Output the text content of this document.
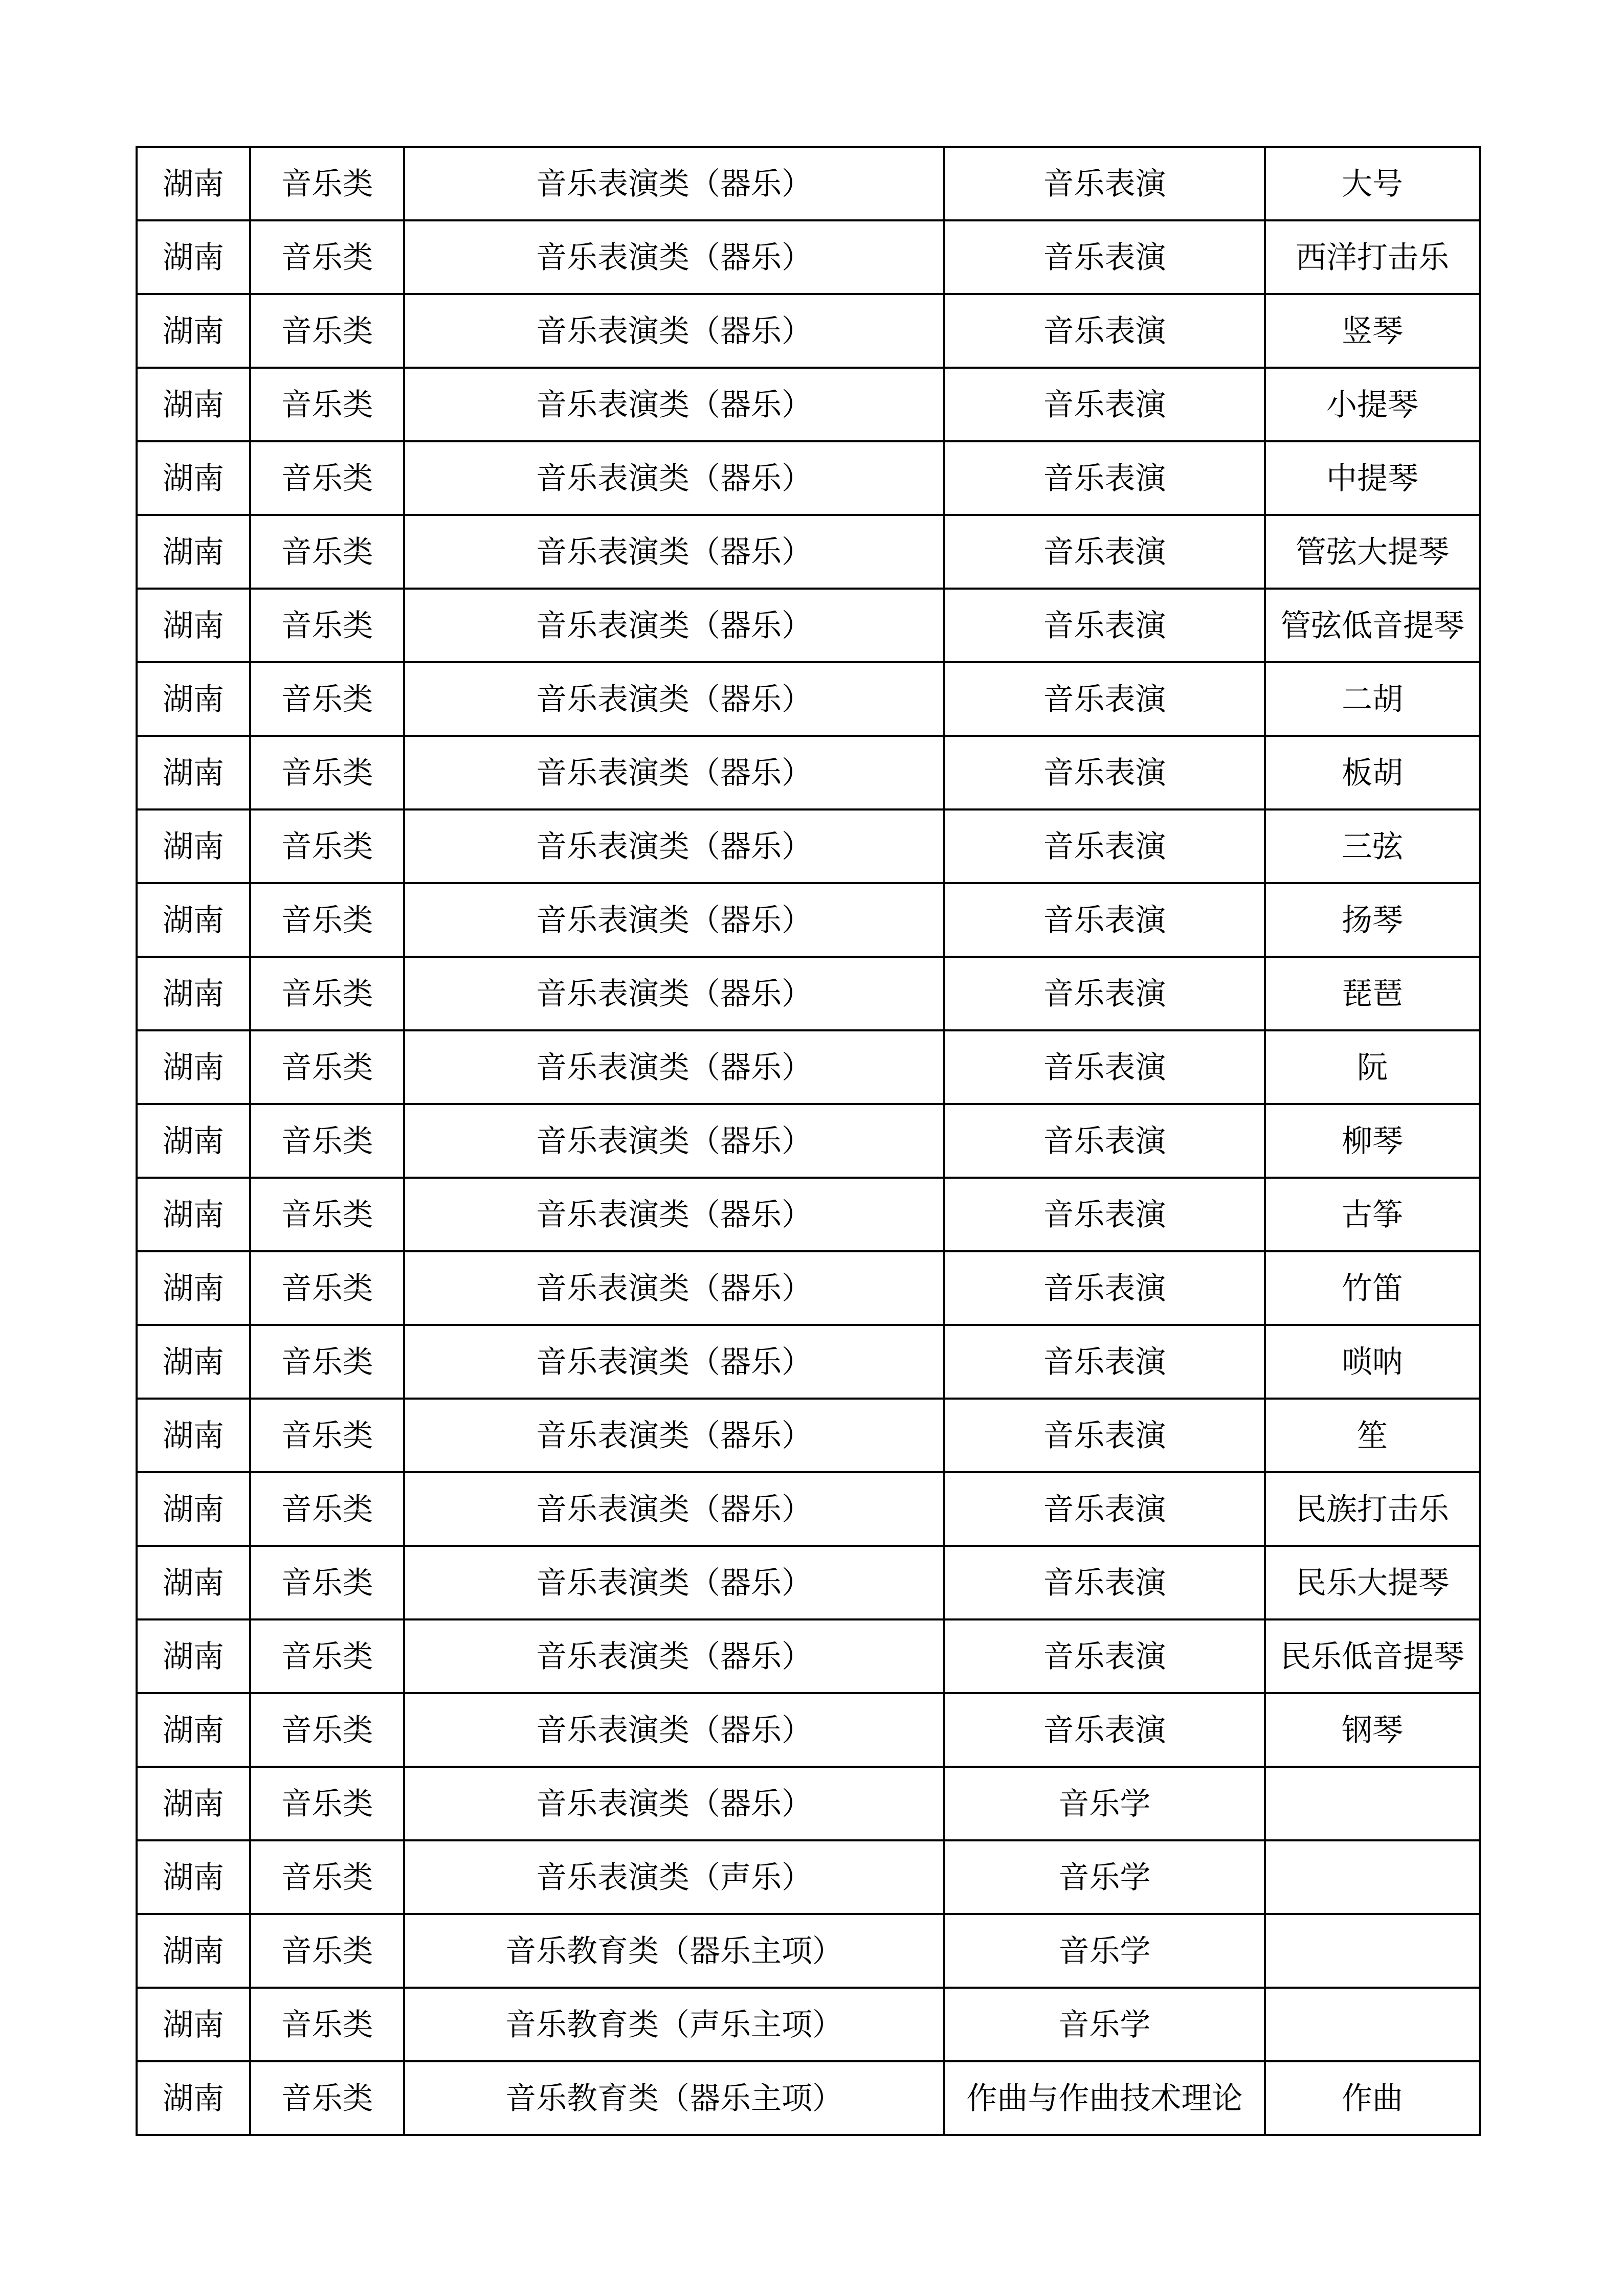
湖南	音乐类	音乐表演类（器乐）	音乐表演	大号
湖南	音乐类	音乐表演类（器乐）	音乐表演	西洋打击乐
湖南	音乐类	音乐表演类（器乐）	音乐表演	竖琴
湖南	音乐类	音乐表演类（器乐）	音乐表演	小提琴
湖南	音乐类	音乐表演类（器乐）	音乐表演	中提琴
湖南	音乐类	音乐表演类（器乐）	音乐表演	管弦大提琴
湖南	音乐类	音乐表演类（器乐）	音乐表演	管弦低音提琴
湖南	音乐类	音乐表演类（器乐）	音乐表演	二胡
湖南	音乐类	音乐表演类（器乐）	音乐表演	板胡
湖南	音乐类	音乐表演类（器乐）	音乐表演	三弦
湖南	音乐类	音乐表演类（器乐）	音乐表演	扬琴
湖南	音乐类	音乐表演类（器乐）	音乐表演	琵琶
湖南	音乐类	音乐表演类（器乐）	音乐表演	阮
湖南	音乐类	音乐表演类（器乐）	音乐表演	柳琴
湖南	音乐类	音乐表演类（器乐）	音乐表演	古筝
湖南	音乐类	音乐表演类（器乐）	音乐表演	竹笛
湖南	音乐类	音乐表演类（器乐）	音乐表演	唢呐
湖南	音乐类	音乐表演类（器乐）	音乐表演	笙
湖南	音乐类	音乐表演类（器乐）	音乐表演	民族打击乐
湖南	音乐类	音乐表演类（器乐）	音乐表演	民乐大提琴
湖南	音乐类	音乐表演类（器乐）	音乐表演	民乐低音提琴
湖南	音乐类	音乐表演类（器乐）	音乐表演	钢琴
湖南	音乐类	音乐表演类（器乐）	音乐学	
湖南	音乐类	音乐表演类（声乐）	音乐学	
湖南	音乐类	音乐教育类（器乐主项）	音乐学	
湖南	音乐类	音乐教育类（声乐主项）	音乐学	
湖南	音乐类	音乐教育类（器乐主项）	作曲与作曲技术理论	作曲
